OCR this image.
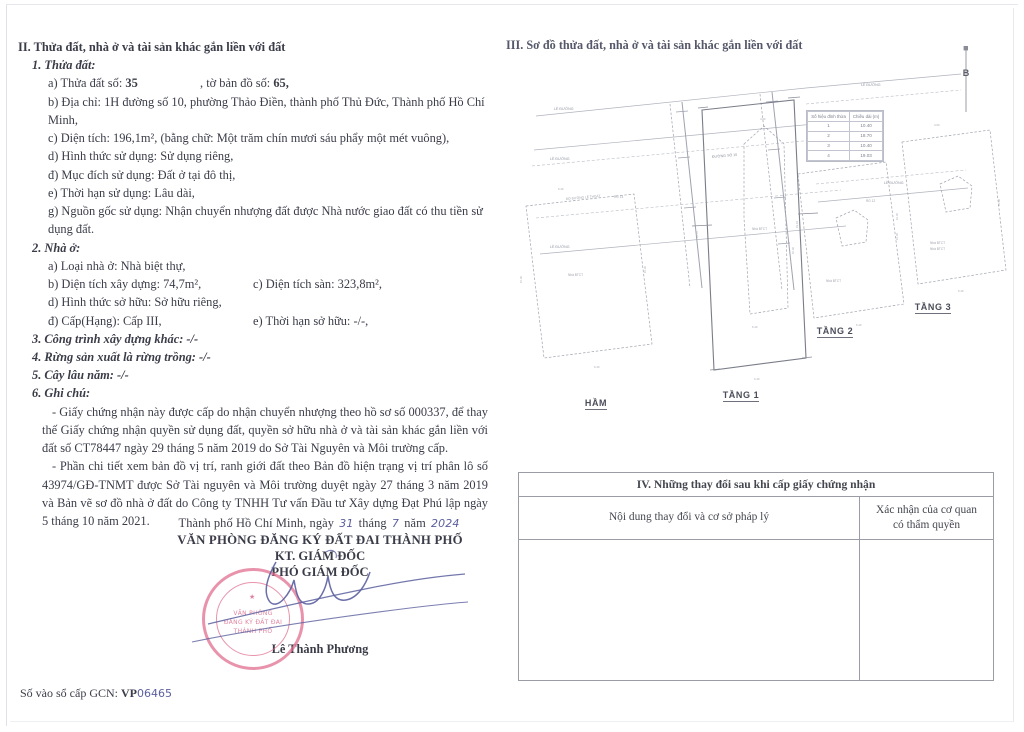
II. Thửa đất, nhà ở và tài sản khác gắn liền với đất
1. Thửa đất:
a) Thửa đất số: 35	, tờ bản đồ số: 65,
b) Địa chỉ: 1H đường số 10, phường Thảo Điền, thành phố Thủ Đức, Thành phố Hồ Chí
Minh,
c) Diện tích: 196,1m², (bằng chữ: Một trăm chín mươi sáu phẩy một mét vuông),
d) Hình thức sử dụng: Sử dụng riêng,
đ) Mục đích sử dụng: Đất ở tại đô thị,
e) Thời hạn sử dụng: Lâu dài,
g) Nguồn gốc sử dụng: Nhận chuyển nhượng đất được Nhà nước giao đất có thu tiền sử
dụng đất.
2. Nhà ở:
a) Loại nhà ở: Nhà biệt thự,
b) Diện tích xây dựng: 74,7m²,	c) Diện tích sàn: 323,8m²,
d) Hình thức sở hữu: Sở hữu riêng,
đ) Cấp(Hạng): Cấp III,	e) Thời hạn sở hữu: -/-,
3. Công trình xây dựng khác: -/-
4. Rừng sản xuất là rừng trồng: -/-
5. Cây lâu năm: -/-
6. Ghi chú:

- Giấy chứng nhận này được cấp do nhận chuyển nhượng theo hồ sơ số 000337, để thay thế Giấy chứng nhận quyền sử dụng đất, quyền sở hữu nhà ở và tài sản khác gắn liền với đất số CT78447 ngày 29 tháng 5 năm 2019 do Sở Tài Nguyên và Môi trường cấp.

- Phần chi tiết xem bản đồ vị trí, ranh giới đất theo Bản đồ hiện trạng vị trí phân lô số 43974/GĐ-TNMT được Sở Tài nguyên và Môi trường duyệt ngày 27 tháng 3 năm 2019 và Bản vẽ sơ đồ nhà ở đất do Công ty TNHH Tư vấn Đầu tư Xây dựng Đạt Phú lập ngày 5 tháng 10 năm 2021.	Thành phố Hồ Chí Minh, ngày 31 tháng 7 năm 2024
VĂN PHÒNG ĐĂNG KÝ ĐẤT ĐAI THÀNH PHỐ
KT. GIÁM ĐỐC
PHÓ GIÁM ĐỐC
★
VĂN PHÒNG
ĐĂNG KÝ ĐẤT ĐAI
THÀNH PHỐ
Lê Thành Phương
Số vào sổ cấp GCN: VP06465
III. Sơ đồ thửa đất, nhà ở và tài sản khác gắn liền với đất
B
LỀ ĐƯỜNG
LỀ ĐƯỜNG
LỀ ĐƯỜNG
LỀ ĐƯỜNG
LỀ ĐƯỜNG
ĐƯỜNG SỐ 10
BỜ ĐƯỜNG LỆ THOÁT	RG 14
RG 12
Nhà BTCT
6.40
10.40
10.40
6.40
Nhà BTCT
4.60
19.03
18.70
6.40
6.40
Nhà BTCT
10.40
10.40
6.40
Nhà BTCT
Nhà BTCT
4.60
10.40
10.40
6.40
Số hiệu đỉnh thửa	Chiều dài (m)
1	10.40
2	18.70
3	10.40
4	19.03
HẦM
TẦNG 1
TẦNG 2
TẦNG 3
IV. Những thay đổi sau khi cấp giấy chứng nhận	
Nội dung thay đổi và cơ sở pháp lý	Xác nhận của cơ quan
có thẩm quyền
